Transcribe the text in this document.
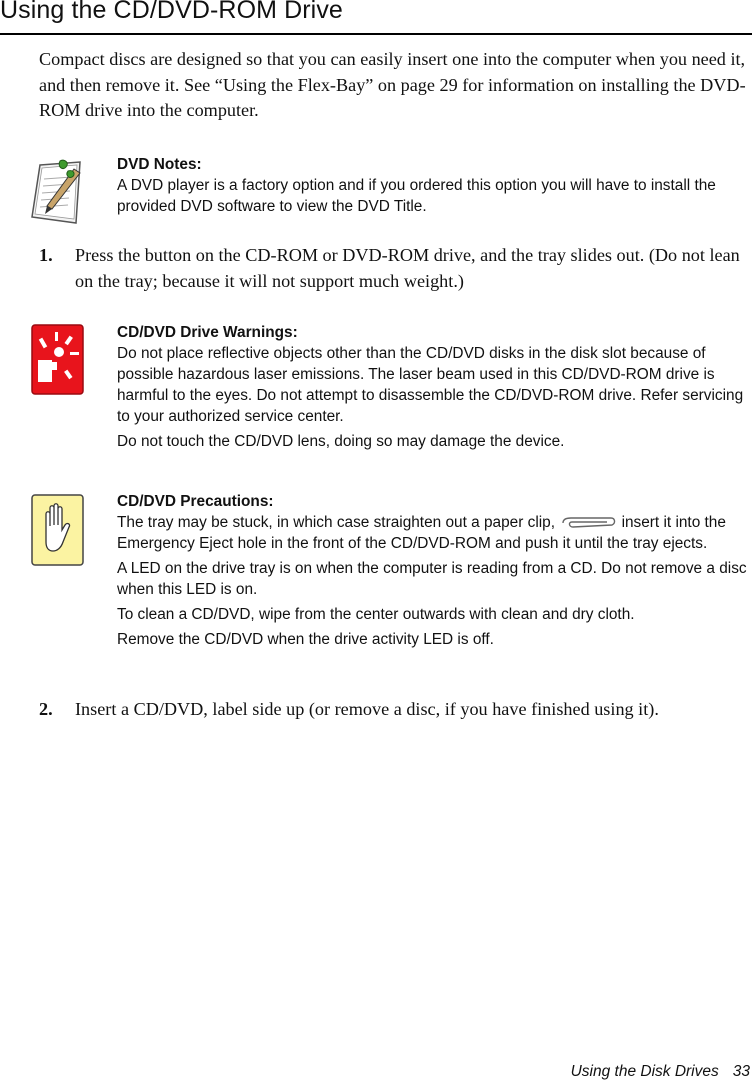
Using the CD/DVD-ROM Drive

Compact discs are designed so that you can easily insert one into the computer when you need it, and then remove it. See “Using the Flex-Bay” on page 29 for information on installing the DVD-ROM drive into the computer.

DVD Notes:

A DVD player is a factory option and if you ordered this option you will have to install the provided DVD software to view the DVD Title.

1. Press the button on the CD-ROM or DVD-ROM drive, and the tray slides out. (Do not lean on the tray; because it will not support much weight.)

CD/DVD Drive Warnings:

Do not place reflective objects other than the CD/DVD disks in the disk slot because of possible hazardous laser emissions. The laser beam used in this CD/DVD-ROM drive is harmful to the eyes. Do not attempt to disassemble the CD/DVD-ROM drive. Refer servicing to your authorized service center.

Do not touch the CD/DVD lens, doing so may damage the device.

CD/DVD Precautions:

The tray may be stuck, in which case straighten out a paper clip,	insert it into the Emergency Eject hole in the front of the CD/DVD-ROM and push it until the tray ejects.

A LED on the drive tray is on when the computer is reading from a CD. Do not remove a disc when this LED is on.

To clean a CD/DVD, wipe from the center outwards with clean and dry cloth.

Remove the CD/DVD when the drive activity LED is off.

2. Insert a CD/DVD, label side up (or remove a disc, if you have finished using it).

Using the Disk Drives 33
